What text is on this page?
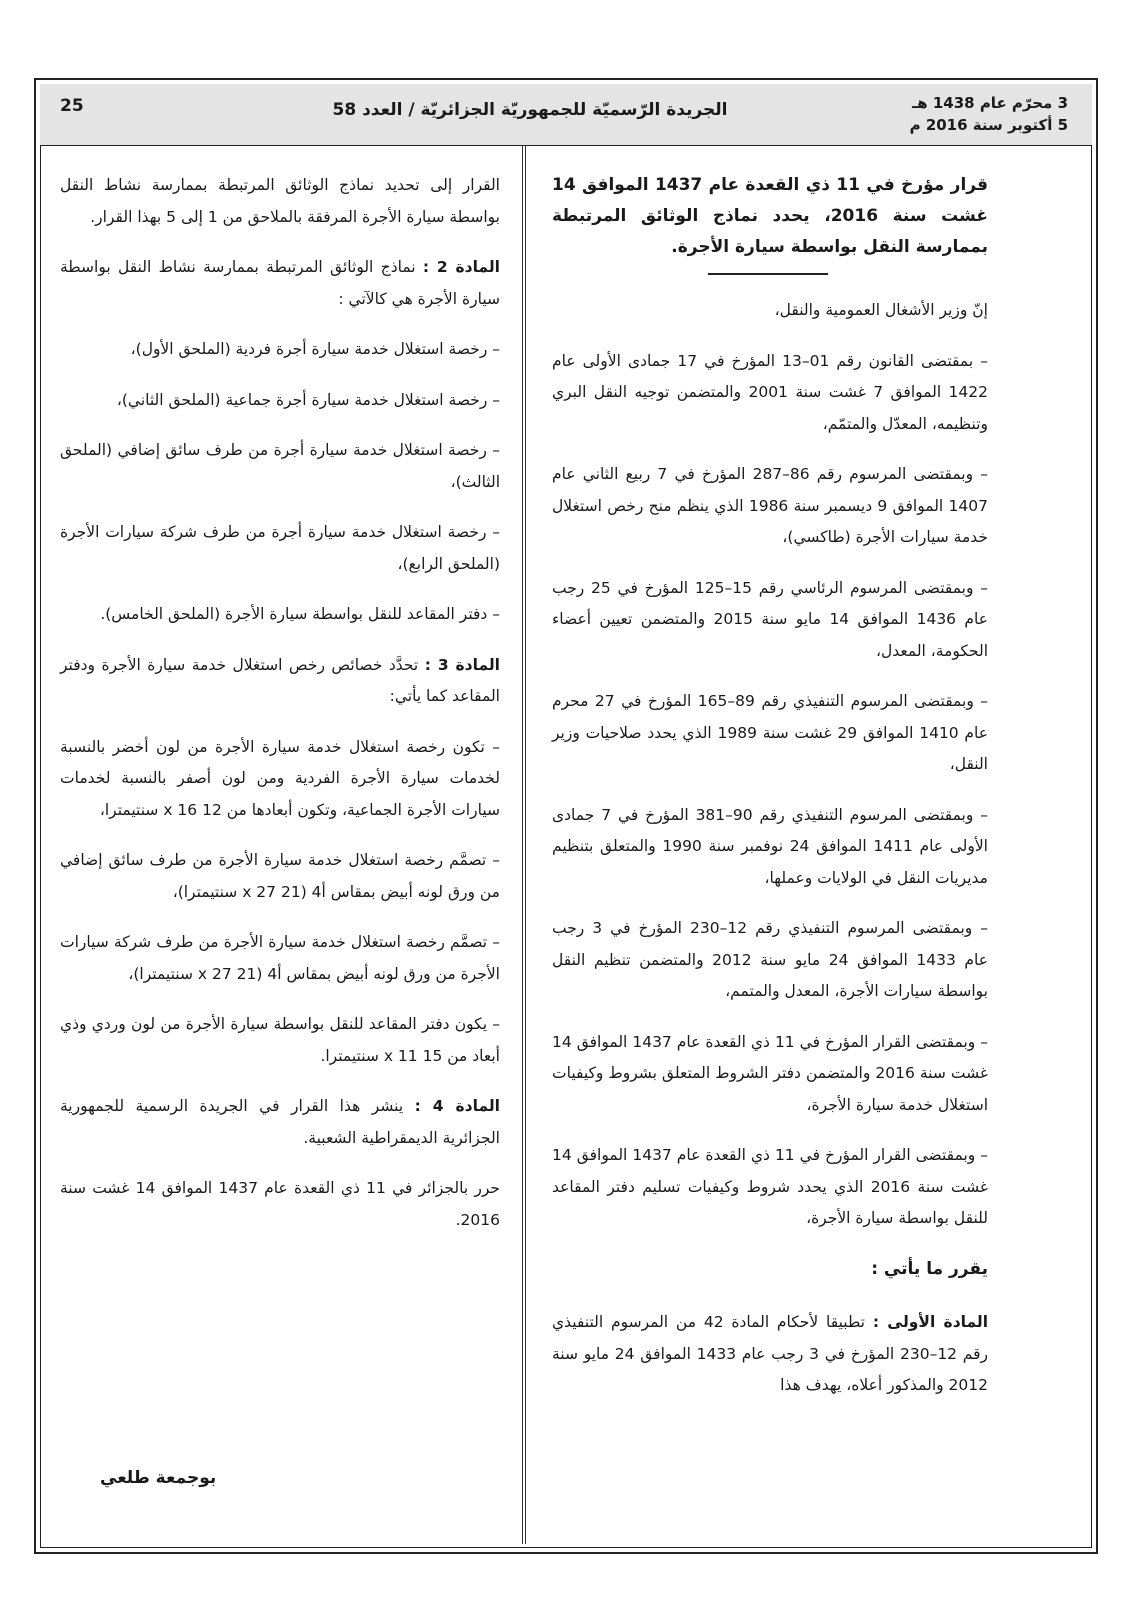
3 محرّم عام 1438 هـ
5 أكتوبر سنة 2016 م
الجريدة الرّسميّة للجمهوريّة الجزائريّة / العدد 58
25

قرار مؤرخ في 11 ذي القعدة عام 1437 الموافق 14 غشت سنة 2016، يحدد نماذج الوثائق المرتبطة بممارسة النقل بواسطة سيارة الأجرة.

إنّ وزير الأشغال العمومية والنقل،

– بمقتضى القانون رقم 01–13 المؤرخ في 17 جمادى الأولى عام 1422 الموافق 7 غشت سنة 2001 والمتضمن توجيه النقل البري وتنظيمه، المعدّل والمتمّم،

– وبمقتضى المرسوم رقم 86–287 المؤرخ في 7 ربيع الثاني عام 1407 الموافق 9 ديسمبر سنة 1986 الذي ينظم منح رخص استغلال خدمة سيارات الأجرة (طاكسي)،

– وبمقتضى المرسوم الرئاسي رقم 15–125 المؤرخ في 25 رجب عام 1436 الموافق 14 مايو سنة 2015 والمتضمن تعيين أعضاء الحكومة، المعدل،

– وبمقتضى المرسوم التنفيذي رقم 89–165 المؤرخ في 27 محرم عام 1410 الموافق 29 غشت سنة 1989 الذي يحدد صلاحيات وزير النقل،

– وبمقتضى المرسوم التنفيذي رقم 90–381 المؤرخ في 7 جمادى الأولى عام 1411 الموافق 24 نوفمبر سنة 1990 والمتعلق بتنظيم مديريات النقل في الولايات وعملها،

– وبمقتضى المرسوم التنفيذي رقم 12–230 المؤرخ في 3 رجب عام 1433 الموافق 24 مايو سنة 2012 والمتضمن تنظيم النقل بواسطة سيارات الأجرة، المعدل والمتمم،

– وبمقتضى القرار المؤرخ في 11 ذي القعدة عام 1437 الموافق 14 غشت سنة 2016 والمتضمن دفتر الشروط المتعلق بشروط وكيفيات استغلال خدمة سيارة الأجرة،

– وبمقتضى القرار المؤرخ في 11 ذي القعدة عام 1437 الموافق 14 غشت سنة 2016 الذي يحدد شروط وكيفيات تسليم دفتر المقاعد للنقل بواسطة سيارة الأجرة،

يقرر ما يأتي :

المادة الأولى : تطبيقا لأحكام المادة 42 من المرسوم التنفيذي رقم 12–230 المؤرخ في 3 رجب عام 1433 الموافق 24 مايو سنة 2012 والمذكور أعلاه، يهدف هذا

القرار إلى تحديد نماذج الوثائق المرتبطة بممارسة نشاط النقل بواسطة سيارة الأجرة المرفقة بالملاحق من 1 إلى 5 بهذا القرار.

المادة 2 : نماذج الوثائق المرتبطة بممارسة نشاط النقل بواسطة سيارة الأجرة هي كالآتي :

– رخصة استغلال خدمة سيارة أجرة فردية (الملحق الأول)،

– رخصة استغلال خدمة سيارة أجرة جماعية (الملحق الثاني)،

– رخصة استغلال خدمة سيارة أجرة من طرف سائق إضافي (الملحق الثالث)،

– رخصة استغلال خدمة سيارة أجرة من طرف شركة سيارات الأجرة (الملحق الرابع)،

– دفتر المقاعد للنقل بواسطة سيارة الأجرة (الملحق الخامس).

المادة 3 : تحدَّد خصائص رخص استغلال خدمة سيارة الأجرة ودفتر المقاعد كما يأتي:

– تكون رخصة استغلال خدمة سيارة الأجرة من لون أخضر بالنسبة لخدمات سيارة الأجرة الفردية ومن لون أصفر بالنسبة لخدمات سيارات الأجرة الجماعية، وتكون أبعادها من 12 x 16 سنتيمترا،

– تصمَّم رخصة استغلال خدمة سيارة الأجرة من طرف سائق إضافي من ورق لونه أبيض بمقاس أ4 (21 x 27 سنتيمترا)،

– تصمَّم رخصة استغلال خدمة سيارة الأجرة من طرف شركة سيارات الأجرة من ورق لونه أبيض بمقاس أ4 (21 x 27 سنتيمترا)،

– يكون دفتر المقاعد للنقل بواسطة سيارة الأجرة من لون وردي وذي أبعاد من 15 x 11 سنتيمترا.

المادة 4 : ينشر هذا القرار في الجريدة الرسمية للجمهورية الجزائرية الديمقراطية الشعبية.

حرر بالجزائر في 11 ذي القعدة عام 1437 الموافق 14 غشت سنة 2016.

بوجمعة طلعي
